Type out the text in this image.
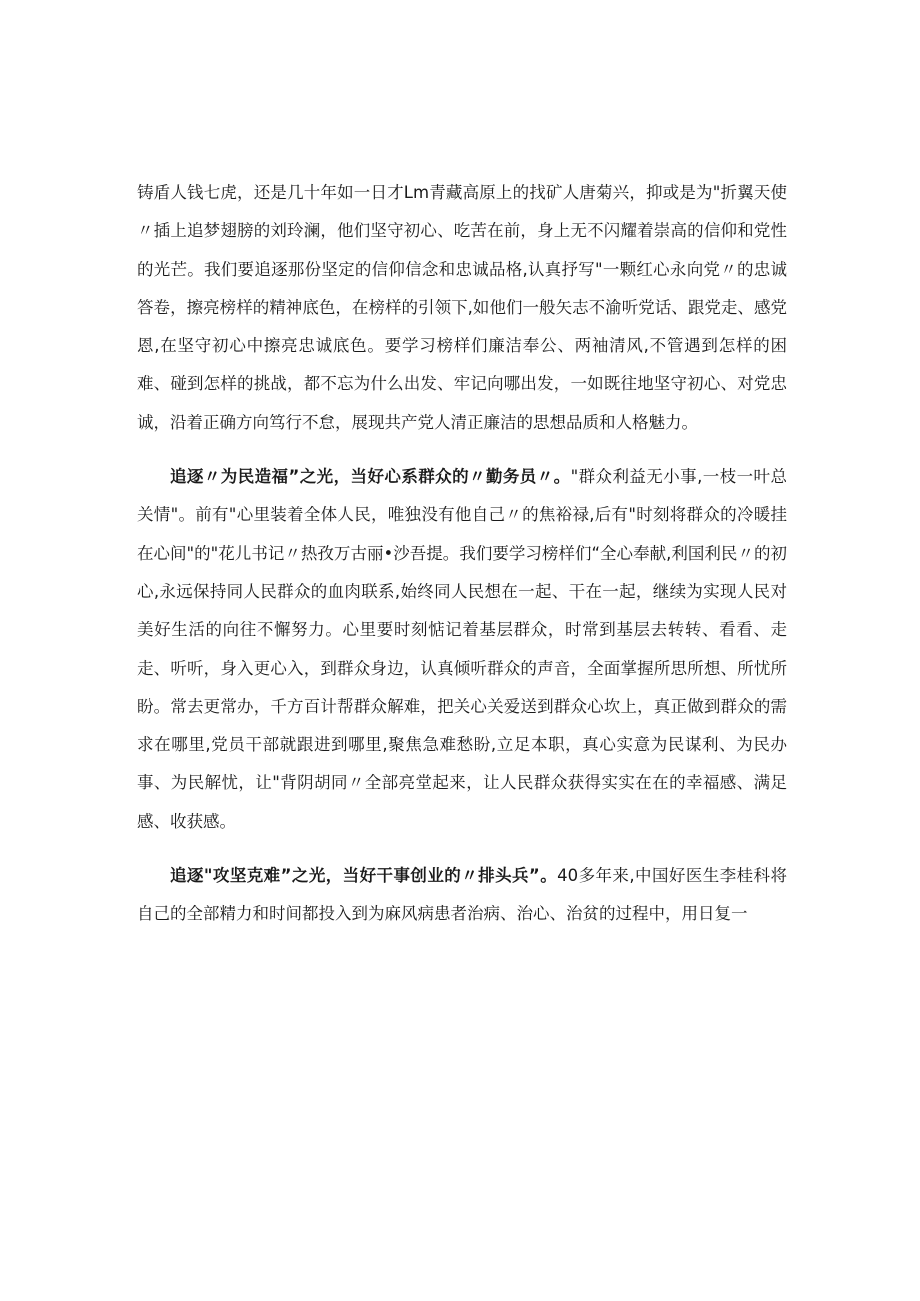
铸盾人钱七虎，还是几十年如一日才Lm青藏高原上的找矿人唐菊兴，抑或是为"折翼天使〃插上追梦翅膀的刘玲澜，他们坚守初心、吃苦在前，身上无不闪耀着崇高的信仰和党性的光芒。我们要追逐那份坚定的信仰信念和忠诚品格,认真抒写"一颗红心永向党〃的忠诚答卷，擦亮榜样的精神底色，在榜样的引领下,如他们一般矢志不渝听党话、跟党走、感党恩,在坚守初心中擦亮忠诚底色。要学习榜样们廉洁奉公、两袖清风,不管遇到怎样的困难、碰到怎样的挑战，都不忘为什么出发、牢记向哪出发，一如既往地坚守初心、对党忠诚，沿着正确方向笃行不怠，展现共产党人清正廉洁的思想品质和人格魅力。

追逐〃为民造福”之光，当好心系群众的〃勤务员〃。"群众利益无小事,一枝一叶总关情"。前有"心里装着全体人民，唯独没有他自己〃的焦裕禄,后有"时刻将群众的冷暖挂在心间"的"花儿书记〃热孜万古丽•沙吾提。我们要学习榜样们“全心奉献,利国利民〃的初心,永远保持同人民群众的血肉联系,始终同人民想在一起、干在一起，继续为实现人民对美好生活的向往不懈努力。心里要时刻惦记着基层群众，时常到基层去转转、看看、走走、听听，身入更心入，到群众身边，认真倾听群众的声音，全面掌握所思所想、所忧所盼。常去更常办，千方百计帮群众解难，把关心关爱送到群众心坎上，真正做到群众的需求在哪里,党员干部就跟进到哪里,聚焦急难愁盼,立足本职，真心实意为民谋利、为民办事、为民解忧，让"背阴胡同〃全部亮堂起来，让人民群众获得实实在在的幸福感、满足感、收获感。

追逐"攻坚克难”之光，当好干事创业的〃排头兵”。40多年来,中国好医生李桂科将自己的全部精力和时间都投入到为麻风病患者治病、治心、治贫的过程中，用日复一
